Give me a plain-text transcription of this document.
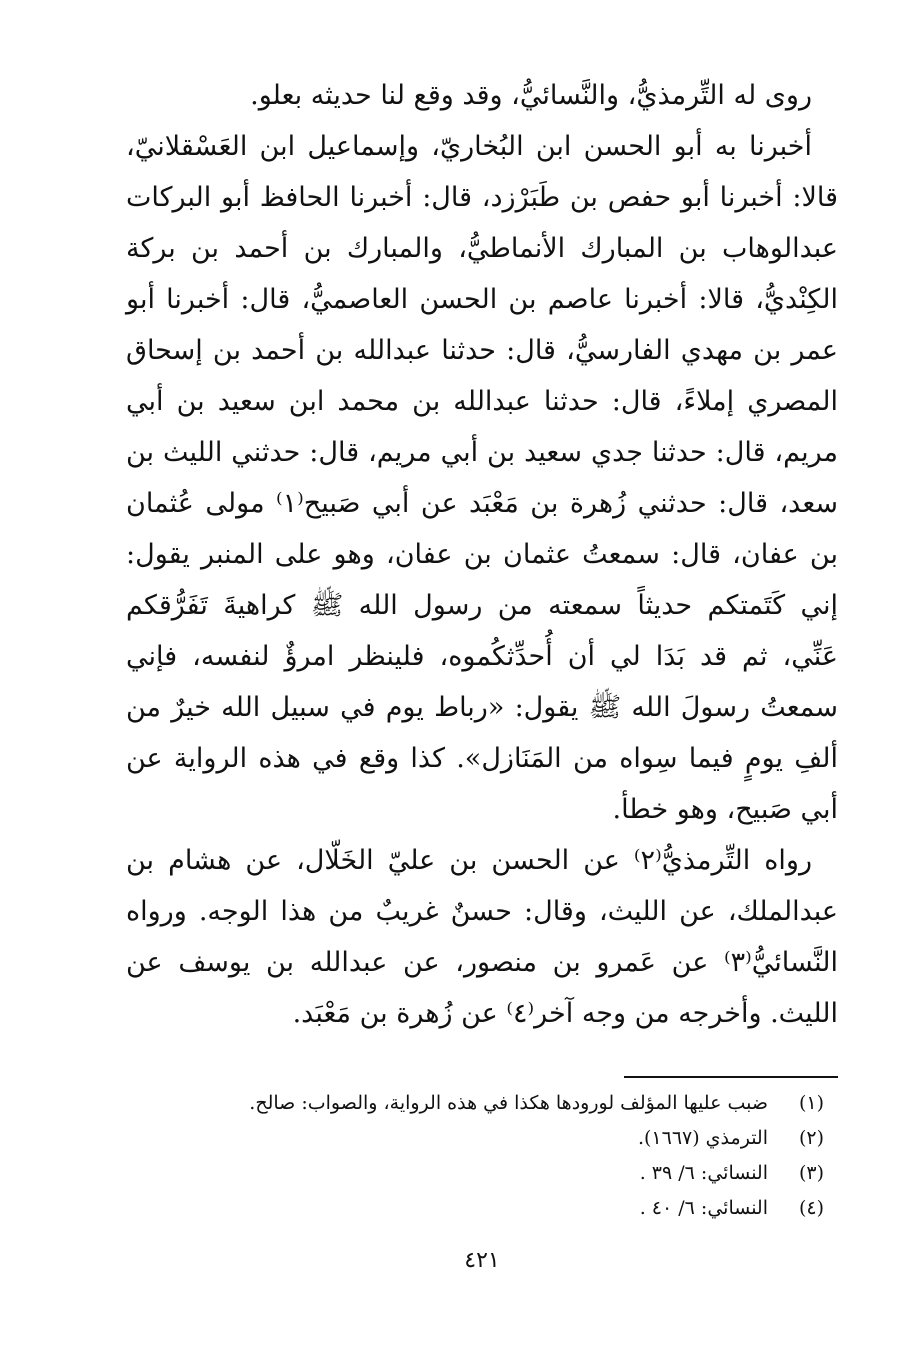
روى له التِّرمذيُّ، والنَّسائيُّ، وقد وقع لنا حديثه بعلو.

أخبرنا به أبو الحسن ابن البُخاريّ، وإسماعيل ابن العَسْقلانيّ، قالا: أخبرنا أبو حفص بن طَبَرْزد، قال: أخبرنا الحافظ أبو البركات عبدالوهاب بن المبارك الأنماطيُّ، والمبارك بن أحمد بن بركة الكِنْديُّ، قالا: أخبرنا عاصم بن الحسن العاصميُّ، قال: أخبرنا أبو عمر بن مهدي الفارسيُّ، قال: حدثنا عبدالله بن أحمد بن إسحاق المصري إملاءً، قال: حدثنا عبدالله بن محمد ابن سعيد بن أبي مريم، قال: حدثنا جدي سعيد بن أبي مريم، قال: حدثني الليث بن سعد، قال: حدثني زُهرة بن مَعْبَد عن أبي صَبيح⁽١⁾ مولى عُثمان بن عفان، قال: سمعتُ عثمان بن عفان، وهو على المنبر يقول: إني كَتَمتكم حديثاً سمعته من رسول الله ﷺ كراهيةَ تَفَرُّقكم عَنِّي، ثم قد بَدَا لي أن أُحدِّثكُموه، فلينظر امرؤٌ لنفسه، فإني سمعتُ رسولَ الله ﷺ يقول: «رباط يوم في سبيل الله خيرٌ من ألفِ يومٍ فيما سِواه من المَنَازل». كذا وقع في هذه الرواية عن أبي صَبيح، وهو خطأ.

رواه التِّرمذيُّ⁽٢⁾ عن الحسن بن عليّ الخَلّال، عن هشام بن عبدالملك، عن الليث، وقال: حسنٌ غريبٌ من هذا الوجه. ورواه النَّسائيُّ⁽٣⁾ عن عَمرو بن منصور، عن عبدالله بن يوسف عن الليث. وأخرجه من وجه آخر⁽٤⁾ عن زُهرة بن مَعْبَد.

(١)
ضبب عليها المؤلف لورودها هكذا في هذه الرواية، والصواب: صالح.
(٢)
الترمذي (١٦٦٧).
(٣)
النسائي: ٦/ ٣٩ .
(٤)
النسائي: ٦/ ٤٠ .
٤٢١
